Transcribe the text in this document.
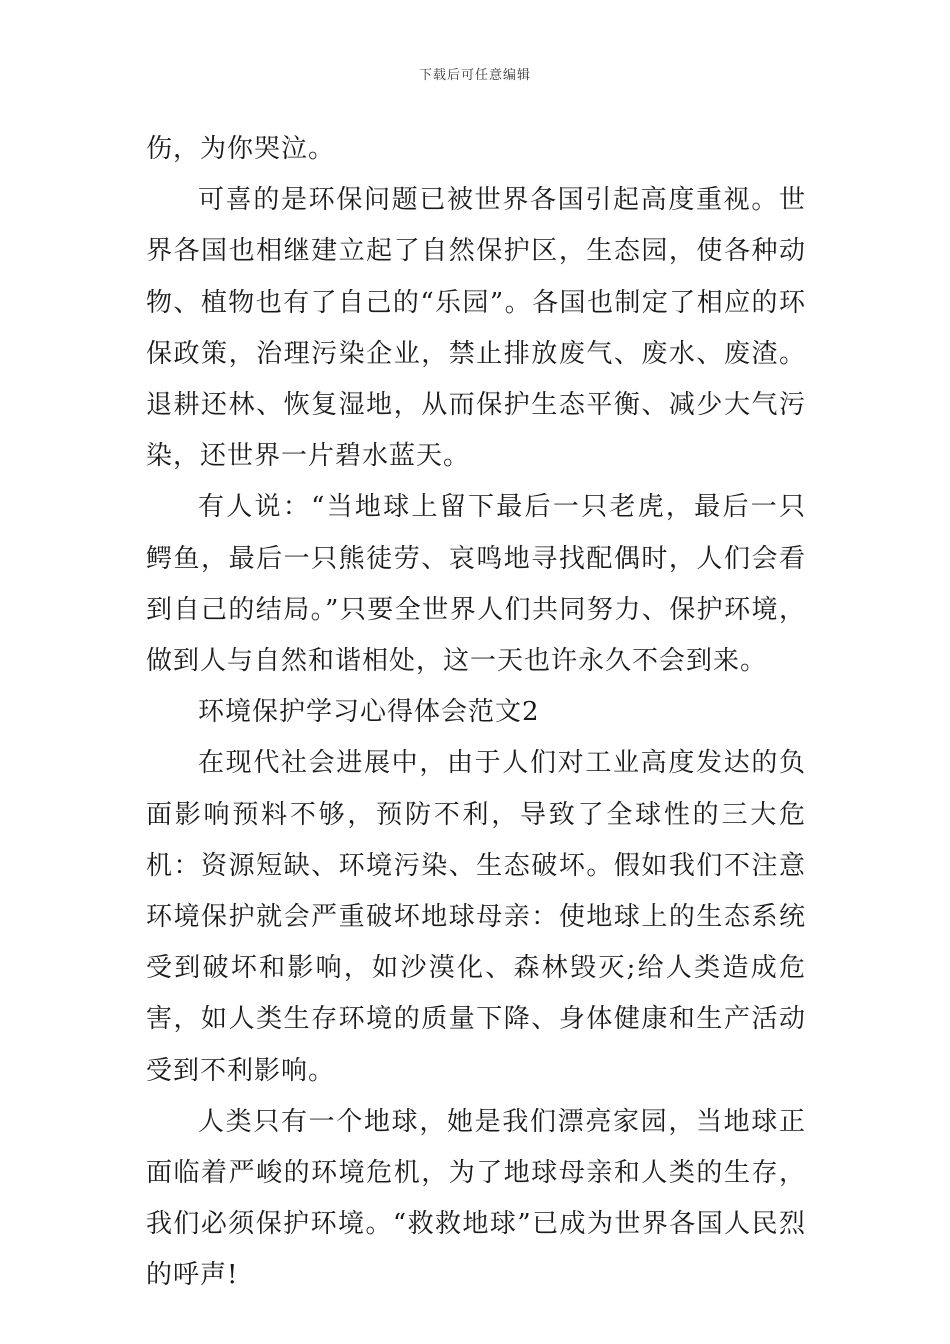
下载后可任意编辑

伤，为你哭泣。

可喜的是环保问题已被世界各国引起高度重视。世界各国也相继建立起了自然保护区，生态园，使各种动物、植物也有了自己的“乐园”。各国也制定了相应的环保政策，治理污染企业，禁止排放废气、废水、废渣。退耕还林、恢复湿地，从而保护生态平衡、减少大气污染，还世界一片碧水蓝天。

有人说：“当地球上留下最后一只老虎，最后一只鳄鱼，最后一只熊徒劳、哀鸣地寻找配偶时，人们会看到自己的结局。”只要全世界人们共同努力、保护环境，做到人与自然和谐相处，这一天也许永久不会到来。

环境保护学习心得体会范文2

在现代社会进展中，由于人们对工业高度发达的负面影响预料不够，预防不利，导致了全球性的三大危机：资源短缺、环境污染、生态破坏。假如我们不注意环境保护就会严重破坏地球母亲：使地球上的生态系统受到破坏和影响，如沙漠化、森林毁灭;给人类造成危害，如人类生存环境的质量下降、身体健康和生产活动受到不利影响。

人类只有一个地球，她是我们漂亮家园，当地球正面临着严峻的环境危机，为了地球母亲和人类的生存，我们必须保护环境。“救救地球”已成为世界各国人民烈的呼声!
